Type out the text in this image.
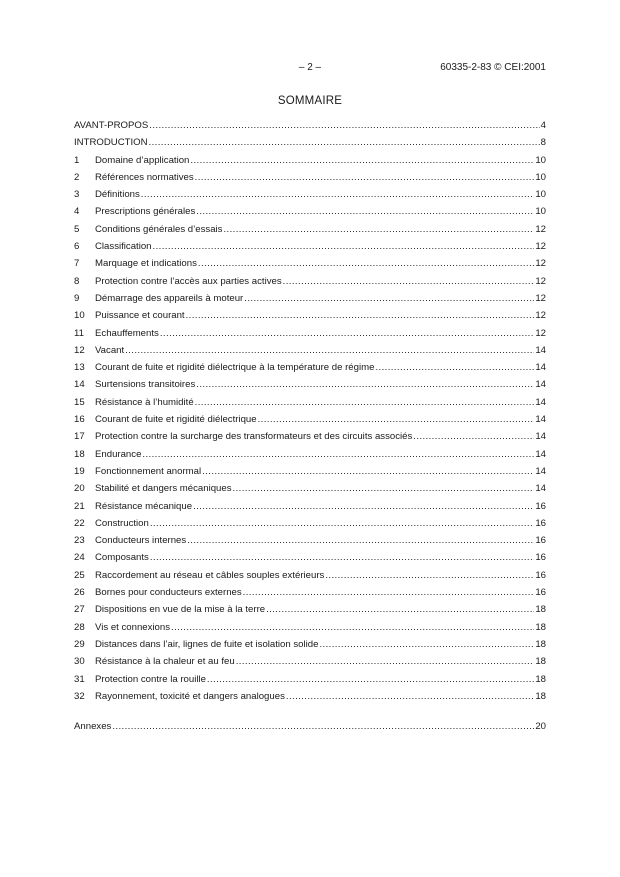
– 2 –	60335-2-83 © CEI:2001
SOMMAIRE
AVANT-PROPOS .....	4
INTRODUCTION .....	8
1	Domaine d’application .....	10
2	Références normatives .....	10
3	Définitions .....	10
4	Prescriptions générales .....	10
5	Conditions générales d’essais .....	12
6	Classification .....	12
7	Marquage et indications .....	12
8	Protection contre l’accès aux parties actives .....	12
9	Démarrage des appareils à moteur .....	12
10	Puissance et courant .....	12
11	Echauffements .....	12
12	Vacant .....	14
13	Courant de fuite et rigidité diélectrique à la température de régime .....	14
14	Surtensions transitoires .....	14
15	Résistance à l’humidité .....	14
16	Courant de fuite et rigidité diélectrique .....	14
17	Protection contre la surcharge des transformateurs et des circuits associés .....	14
18	Endurance .....	14
19	Fonctionnement anormal .....	14
20	Stabilité et dangers mécaniques .....	14
21	Résistance mécanique .....	16
22	Construction .....	16
23	Conducteurs internes .....	16
24	Composants .....	16
25	Raccordement au réseau et câbles souples extérieurs .....	16
26	Bornes pour conducteurs externes .....	16
27	Dispositions en vue de la mise à la terre .....	18
28	Vis et connexions .....	18
29	Distances dans l’air, lignes de fuite et isolation solide .....	18
30	Résistance à la chaleur et au feu .....	18
31	Protection contre la rouille .....	18
32	Rayonnement, toxicité et dangers analogues .....	18
Annexes .....	20
